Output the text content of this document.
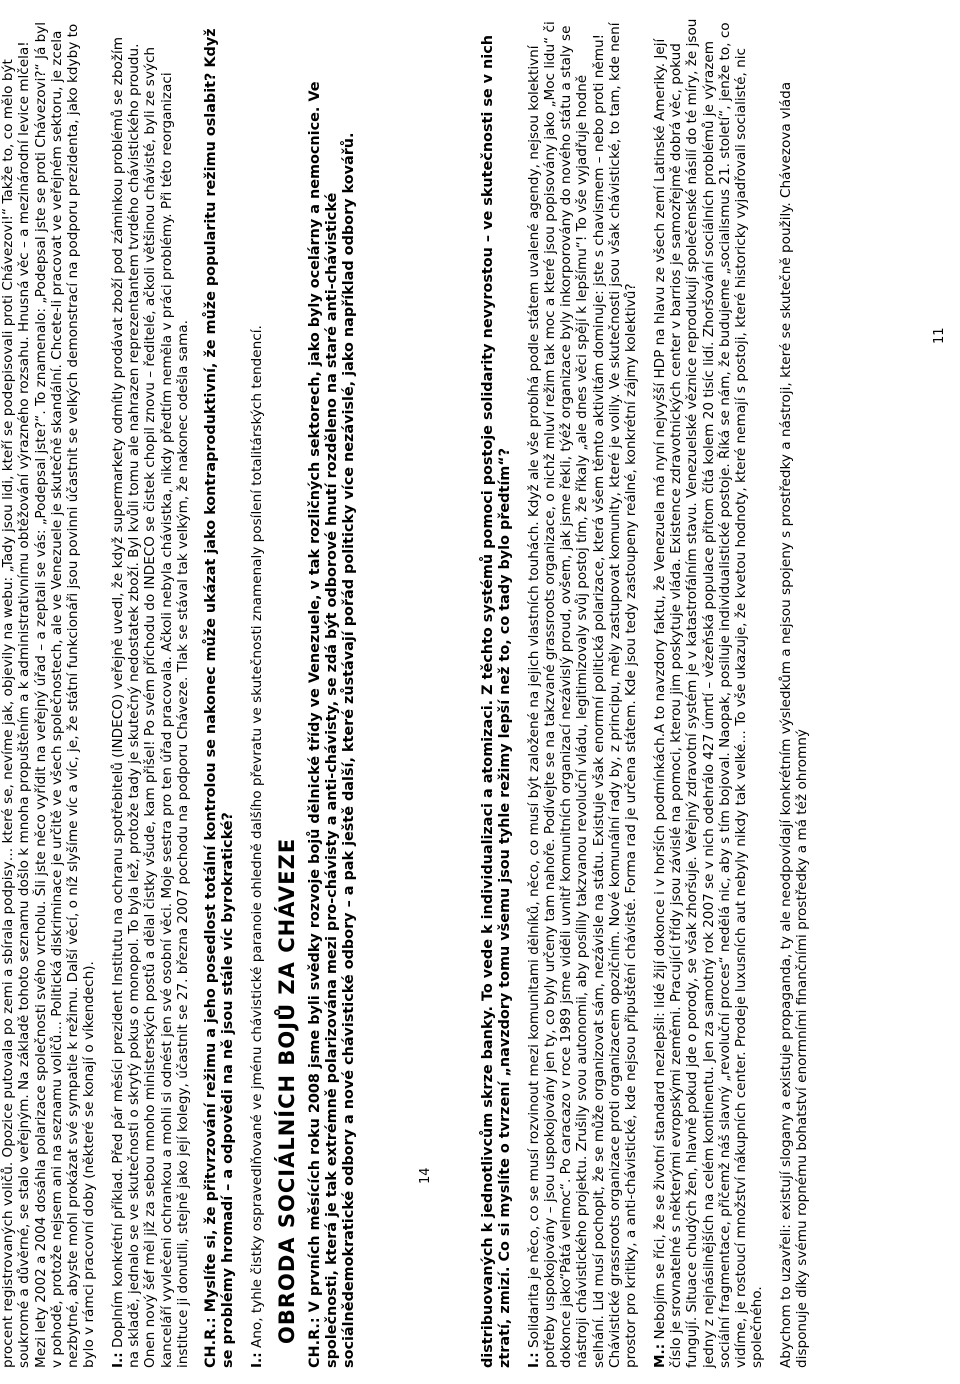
procent registrovaných voličů. Opozice putovala po zemi a sbírala podpisy… které se, nevíme jak, objevily na webu: „Tady jsou lidi, kteří se podepisovali proti Chávezovi!“ Takže to, co mělo být soukromé a důvěrné, se stalo veřejným. Na základě tohoto seznamu došlo k mnoha propuštěním a k administrativnímu obtěžování výrazného rozsahu. Hnusná věc – a mezinárodní levice mlčela! Mezi lety 2002 a 2004 dosáhla polarizace společnosti svého vrcholu. Šli jste něco vyřídit na veřejný úřad – a zeptali se vás: „Podepsal jste?“. To znamenalo: „Podepsal jste se proti Chávezovi?“ Já byl v pohodě, protože nejsem ani na seznamu voličů… Politická diskriminace je určitě ve všech společnostech, ale ve Venezuele je skutečně skandální. Chcete-li pracovat ve veřejném sektoru, je zcela nezbytné, abyste mohl prokázat své sympatie k režimu. Další věcí, o níž slyšíme víc a víc, je, že státní funkcionáři jsou povinni účastnit se velkých demonstrací na podporu prezidenta, jako kdyby to bylo v rámci pracovní doby (některé se konají o víkendech). I.: Doplním konkrétní příklad. Před pár měsíci prezident Institutu na ochranu spotřebitelů (INDECO) veřejně uvedl, že když supermarkety odmítly prodávat zboží pod záminkou problémů se zbožím na skladě, jednalo se ve skutečnosti o skrytý pokus o monopol. To byla lež, protože tady je skutečný nedostatek zboží. Byl kvůli tomu ale nahrazen reprezentantem tvrdého chávistického proudu. Onen nový šéf měl již za sebou mnoho ministerských postů a dělal čistky všude, kam přišel! Po svém příchodu do INDECO se čistek chopil znovu – ředitelé, ačkoli většinou chávisté, byli ze svých kanceláří vyvlečeni ochrankou a mohli si odnést jen své osobní věci. Moje sestra pro ten úřad pracovala. Ačkoli nebyla chávistka, nikdy předtím neměla v práci problémy. Při této reorganizaci instituce ji donutili, stejně jako její kolegy, účastnit se 27. března 2007 pochodu na podporu Cháveze. Tlak se stával tak velkým, že nakonec odešla sama. CH.R.: Myslíte si, že přitvrzování režimu a jeho posedlost totální kontrolou se nakonec může ukázat jako kontraproduktivní, že může popularitu režimu oslabit? Když se problémy hromadí – a odpovědi na ně jsou stále víc byrokratické? I.: Ano, tyhle čistky ospravedlňované ve jménu chávistické paranoie ohledně dalšího převratu ve skutečnosti znamenaly posílení totalitárských tendencí. OBRODA SOCIÁLNÍCH BOJŮ ZA CHÁVEZE CH.R.: V prvních měsících roku 2008 jsme byli svědky rozvoje bojů dělnické třídy ve Venezuele, v tak rozličných sektorech, jako byly ocelárny a nemocnice. Ve společnosti, která je tak extrémně polarizována mezi pro-chávisty a anti-chávisty, se zdá být odborové hnutí rozděleno na staré anti-chávistické sociálnědemokratické odbory a nové chávistické odbory – a pak ještě další, které zůstávají pořád politicky více nezávislé, jako například odbory kovářů.	14	distribuovaných k jednotlivcům skrze banky. To vede k individualizaci a atomizaci. Z těchto systémů pomoci postoje solidarity nevyrostou – ve skutečnosti se v nich ztratí, zmizí. Co si myslíte o tvrzení „navzdory tomu všemu jsou tyhle režimy lepší než to, co tady bylo předtím“? I.: Solidarita je něco, co se musí rozvinout mezi komunitami dělníků, něco, co musí být založené na jejich vlastních touhách. Když ale vše probíhá podle státem uvalené agendy, nejsou kolektivní potřeby uspokojovány – jsou uspokojovány jen ty, co byly určeny tam nahoře. Podívejte se na takzvané grassroots organizace, o nichž mluví režim tak moc a které jsou popisovány jako „Moc lidu“ či dokonce jako“Pátá velmoc“. Po caracazo v roce 1989 jsme viděli uvnitř komunitních organizací nezávislý proud, ovšem, jak jsme řekli, týéž organizace byly inkorporovány do nového státu a staly se nástroji chávistického projektu. Zrušily svou autonomii, aby posílily takzvanou revoluční vládu, legitimizovaly svůj postoj tím, že říkaly „ale dnes věci spějí k lepšímu“! To vše vyjadřuje hodně selhání. Lid musí pochopit, že se může organizovat sám, nezávisle na státu. Existuje však enormní politická polarizace, která všem těmto aktivitám dominuje: jste s chavismem – nebo proti němu! Chávistické grassroots organizace proti organizacem opozičním. Nové komunální rady by, z principu, měly zastupovat komunity, které je volily. Ve skutečnosti jsou však chávistické, to tam, kde není prostor pro kritiky, a anti-chávistické, kde nejsou připuštění chávisté. Forma rad je určena státem. Kde jsou tedy zastoupeny reálné, konkrétní zájmy kolektivů? M.: Nebojím se říci, že se životní standard nezlepšil: lidé žijí dokonce i v horších podmínkách.A to navzdory faktu, že Venezuela má nyní nejvyšší HDP na hlavu ze všech zemí Latinské Ameriky. Její číslo je srovnatelné s některými evropskými zeměmi. Pracující třídy jsou závislé na pomoci, kterou jim poskytuje vláda. Existence zdravotnických center v barrios je samozřejmě dobrá věc, pokud fungují. Situace chudých žen, hlavně pokud jde o porody, se však zhoršuje. Veřejný zdravotní systém je v katastrofálním stavu. Venezuelské věznice reprodukují společenské násilí do té míry, že jsou jedny z nejnásilnějších na celém kontinentu. Jen za samotný rok 2007 se v nich odehrálo 427 úmrtí – vězeňská populace přitom čítá kolem 20 tisíc lidí. Zhoršování sociálních problémů je výrazem sociální fragmentace, přičemž náš slavný „revoluční proces“ nedělá nic, aby s tím bojoval. Naopak, posiluje individualistické postoje. Říká se nám, že budujeme „socialismus 21. století“, jenže to, co vidíme, je rostoucí množství nákupních center. Prodeje luxusních aut nebyly nikdy tak velké… To vše ukazuje, že kvetou hodnoty, které nemají s postoji, které historicky vyjadřovali socialisté, nic společného. Abychom to uzavřeli: existují slogany a existuje propaganda, ty ale neodpovídají konkrétním výsledkům a nejsou spojeny s prostředky a nástroji, které se skutečně použily. Chávezova vláda disponuje díky svému ropnému bohatství enormními finančními prostředky a má též ohromný

11
